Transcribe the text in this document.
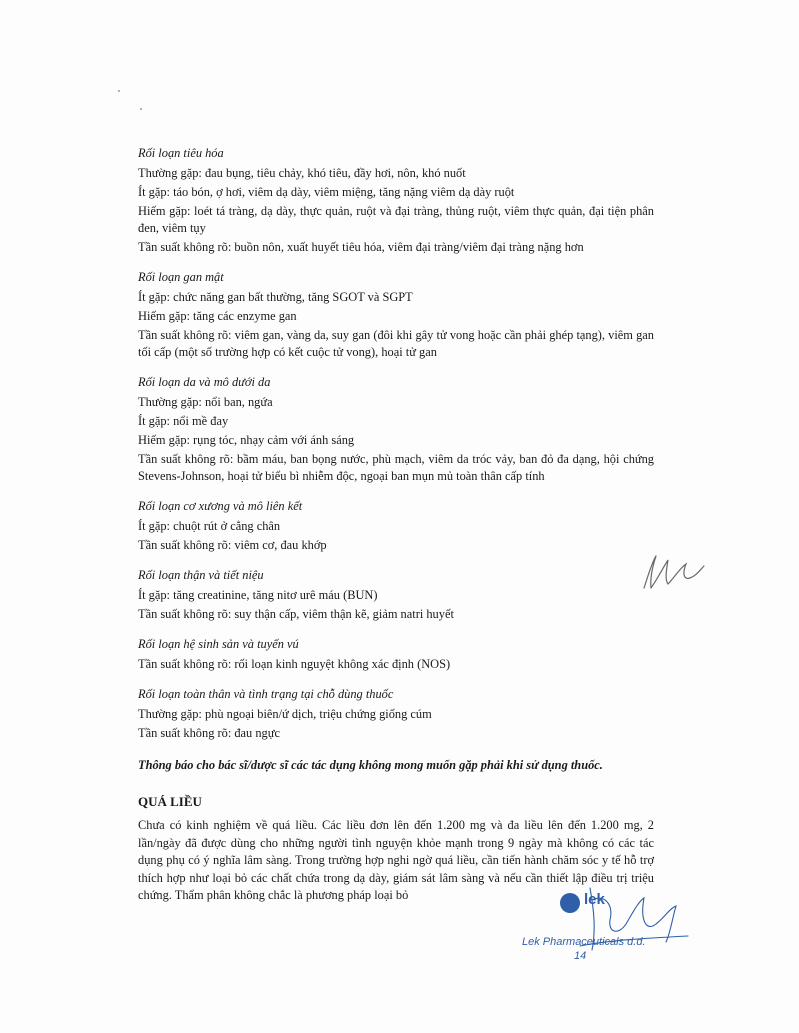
Rối loạn tiêu hóa

Thường gặp: đau bụng, tiêu chảy, khó tiêu, đầy hơi, nôn, khó nuốt

Ít gặp: táo bón, ợ hơi, viêm dạ dày, viêm miệng, tăng nặng viêm dạ dày ruột

Hiếm gặp: loét tá tràng, dạ dày, thực quản, ruột và đại tràng, thủng ruột, viêm thực quản, đại tiện phân đen, viêm tụy

Tần suất không rõ: buồn nôn, xuất huyết tiêu hóa, viêm đại tràng/viêm đại tràng nặng hơn

Rối loạn gan mật

Ít gặp: chức năng gan bất thường, tăng SGOT và SGPT

Hiếm gặp: tăng các enzyme gan

Tần suất không rõ: viêm gan, vàng da, suy gan (đôi khi gây tử vong hoặc cần phải ghép tạng), viêm gan tối cấp (một số trường hợp có kết cuộc tử vong), hoại tử gan

Rối loạn da và mô dưới da

Thường gặp: nổi ban, ngứa

Ít gặp: nổi mề đay

Hiếm gặp: rụng tóc, nhạy cảm với ánh sáng

Tần suất không rõ: bầm máu, ban bọng nước, phù mạch, viêm da tróc vảy, ban đỏ đa dạng, hội chứng Stevens-Johnson, hoại tử biểu bì nhiễm độc, ngoại ban mụn mủ toàn thân cấp tính

Rối loạn cơ xương và mô liên kết

Ít gặp: chuột rút ở cẳng chân

Tần suất không rõ: viêm cơ, đau khớp

Rối loạn thận và tiết niệu

Ít gặp: tăng creatinine, tăng nitơ urê máu (BUN)

Tần suất không rõ: suy thận cấp, viêm thận kẽ, giảm natri huyết

Rối loạn hệ sinh sản và tuyến vú

Tần suất không rõ: rối loạn kinh nguyệt không xác định (NOS)

Rối loạn toàn thân và tình trạng tại chỗ dùng thuốc

Thường gặp: phù ngoại biên/ứ dịch, triệu chứng giống cúm

Tần suất không rõ: đau ngực

Thông báo cho bác sĩ/dược sĩ các tác dụng không mong muốn gặp phải khi sử dụng thuốc.
QUÁ LIỀU

Chưa có kinh nghiệm về quá liều. Các liều đơn lên đến 1.200 mg và đa liều lên đến 1.200 mg, 2 lần/ngày đã được dùng cho những người tình nguyện khỏe mạnh trong 9 ngày mà không có các tác dụng phụ có ý nghĩa lâm sàng. Trong trường hợp nghi ngờ quá liều, cần tiến hành chăm sóc y tế hỗ trợ thích hợp như loại bỏ các chất chứa trong dạ dày, giám sát lâm sàng và nếu cần thiết lập điều trị triệu chứng. Thẩm phân không chắc là phương pháp loại bỏ	lek
Lek Pharmaceuticals d.d.
14
